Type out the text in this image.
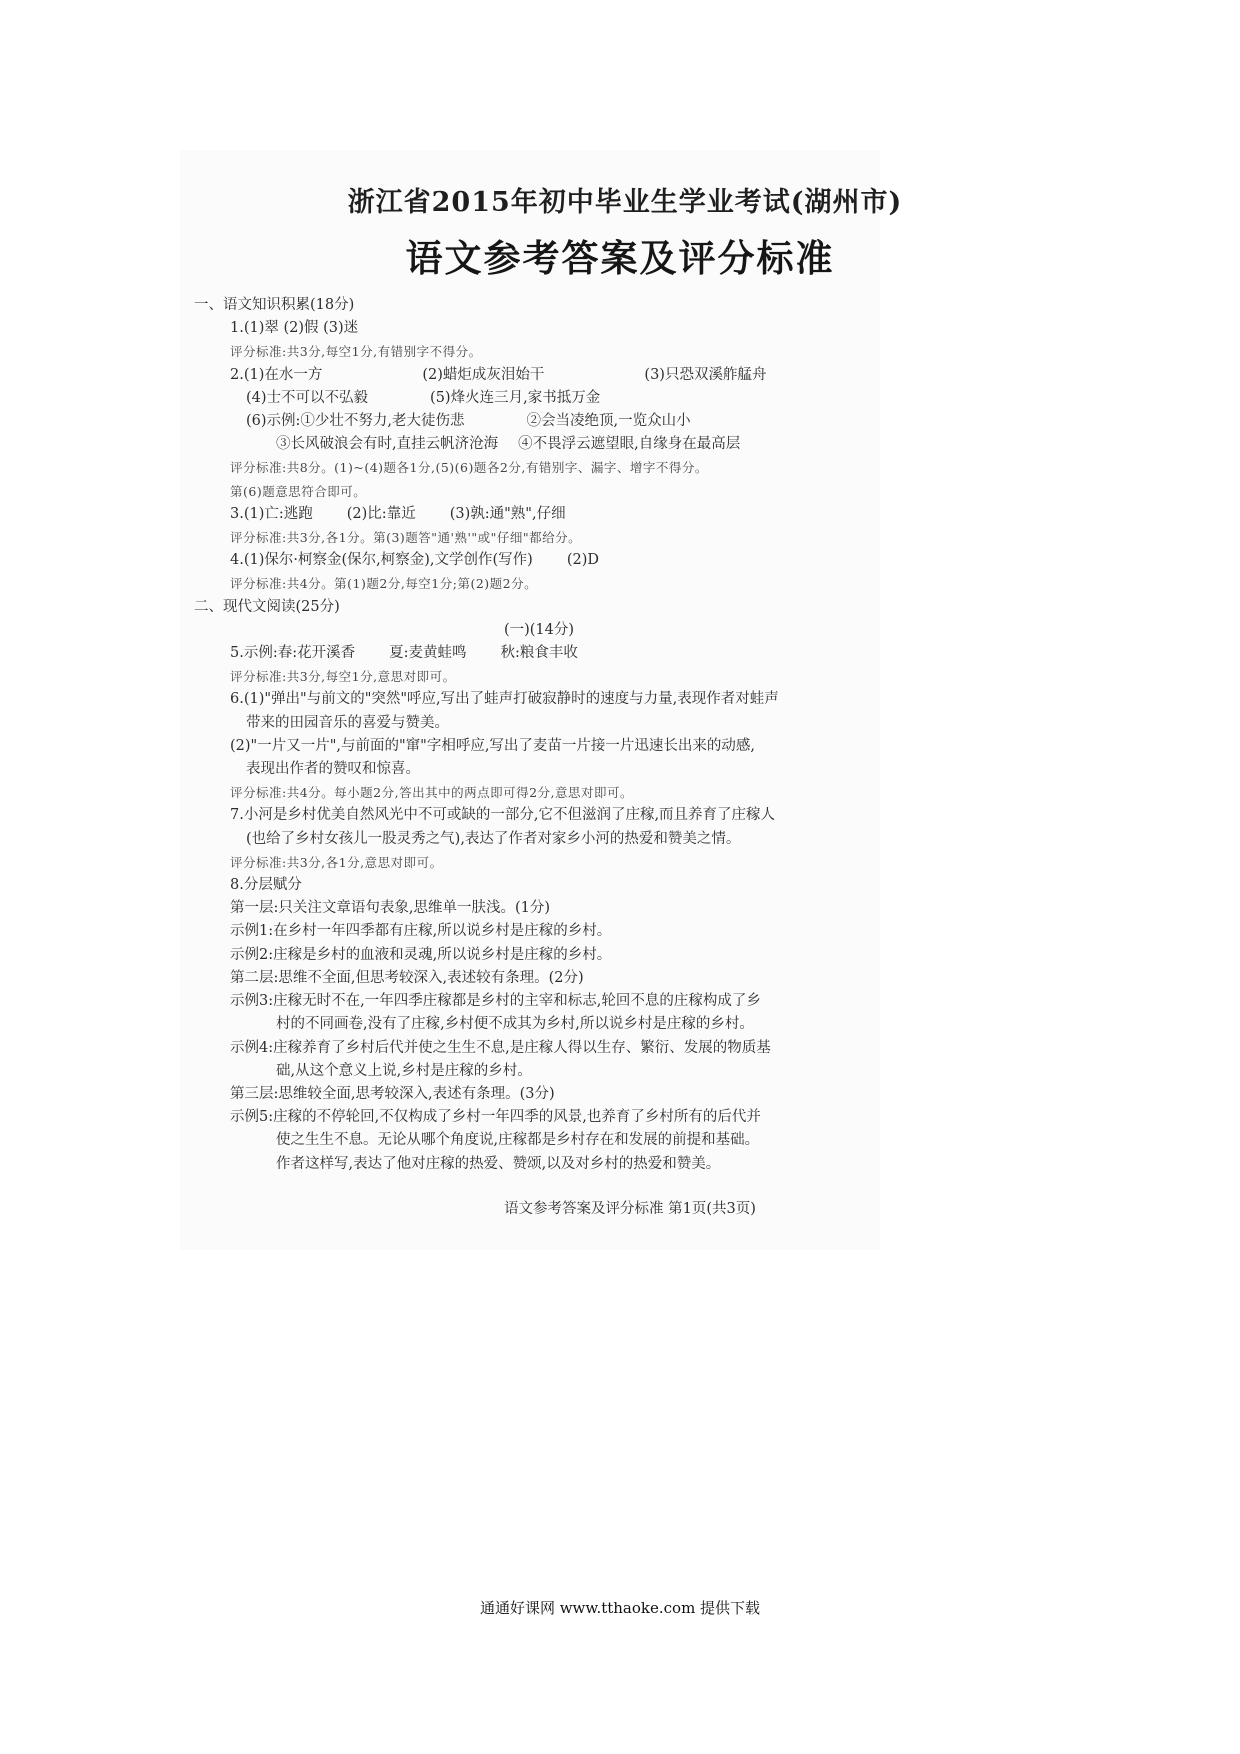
浙江省2015年初中毕业生学业考试(湖州市)
语文参考答案及评分标准
一、语文知识积累(18分)
1.(1)翠 (2)假 (3)迷
评分标准:共3分,每空1分,有错别字不得分。
2.(1)在水一方	(2)蜡炬成灰泪始干	(3)只恐双溪舴艋舟
(4)士不可以不弘毅	(5)烽火连三月,家书抵万金
(6)示例:①少壮不努力,老大徒伤悲	②会当凌绝顶,一览众山小
③长风破浪会有时,直挂云帆济沧海 ④不畏浮云遮望眼,自缘身在最高层
评分标准:共8分。(1)~(4)题各1分,(5)(6)题各2分,有错别字、漏字、增字不得分。
第(6)题意思符合即可。
3.(1)亡:逃跑 (2)比:靠近 (3)孰:通"熟",仔细
评分标准:共3分,各1分。第(3)题答"通'熟'"或"仔细"都给分。
4.(1)保尔·柯察金(保尔,柯察金),文学创作(写作) (2)D
评分标准:共4分。第(1)题2分,每空1分;第(2)题2分。
二、现代文阅读(25分)
(一)(14分)
5.示例:春:花开溪香 夏:麦黄蛙鸣 秋:粮食丰收
评分标准:共3分,每空1分,意思对即可。
6.(1)"弹出"与前文的"突然"呼应,写出了蛙声打破寂静时的速度与力量,表现作者对蛙声
带来的田园音乐的喜爱与赞美。
(2)"一片又一片",与前面的"窜"字相呼应,写出了麦苗一片接一片迅速长出来的动感,
表现出作者的赞叹和惊喜。
评分标准:共4分。每小题2分,答出其中的两点即可得2分,意思对即可。
7.小河是乡村优美自然风光中不可或缺的一部分,它不但滋润了庄稼,而且养育了庄稼人
(也给了乡村女孩儿一股灵秀之气),表达了作者对家乡小河的热爱和赞美之情。
评分标准:共3分,各1分,意思对即可。
8.分层赋分
第一层:只关注文章语句表象,思维单一肤浅。(1分)
示例1:在乡村一年四季都有庄稼,所以说乡村是庄稼的乡村。
示例2:庄稼是乡村的血液和灵魂,所以说乡村是庄稼的乡村。
第二层:思维不全面,但思考较深入,表述较有条理。(2分)
示例3:庄稼无时不在,一年四季庄稼都是乡村的主宰和标志,轮回不息的庄稼构成了乡
村的不同画卷,没有了庄稼,乡村便不成其为乡村,所以说乡村是庄稼的乡村。
示例4:庄稼养育了乡村后代并使之生生不息,是庄稼人得以生存、繁衍、发展的物质基
础,从这个意义上说,乡村是庄稼的乡村。
第三层:思维较全面,思考较深入,表述有条理。(3分)
示例5:庄稼的不停轮回,不仅构成了乡村一年四季的风景,也养育了乡村所有的后代并
使之生生不息。无论从哪个角度说,庄稼都是乡村存在和发展的前提和基础。
作者这样写,表达了他对庄稼的热爱、赞颂,以及对乡村的热爱和赞美。
语文参考答案及评分标准 第1页(共3页)
通通好课网 www.tthaoke.com 提供下载
